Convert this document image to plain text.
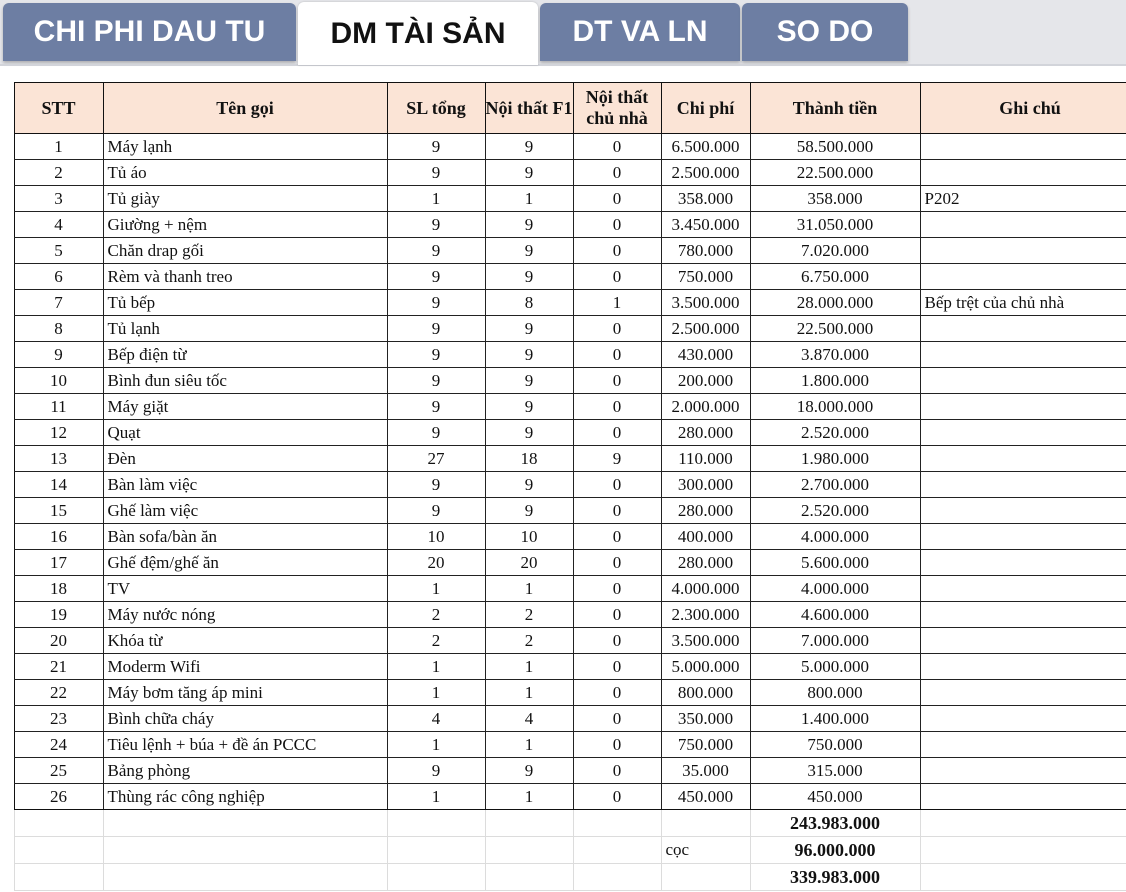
CHI PHI DAU TU	DM TÀI SẢN	DT VA LN	SO DO
	STT	Tên gọi	SL tổng	Nội thất F1	Nội thất chủ nhà	Chi phí	Thành tiền	Ghi chú
	1	Máy lạnh	9	9	0	6.500.000	58.500.000	
	2	Tủ áo	9	9	0	2.500.000	22.500.000	
	3	Tủ giày	1	1	0	358.000	358.000	P202
	4	Giường + nệm	9	9	0	3.450.000	31.050.000	
	5	Chăn drap gối	9	9	0	780.000	7.020.000	
	6	Rèm và thanh treo	9	9	0	750.000	6.750.000	
	7	Tủ bếp	9	8	1	3.500.000	28.000.000	Bếp trệt của chủ nhà
	8	Tủ lạnh	9	9	0	2.500.000	22.500.000	
	9	Bếp điện từ	9	9	0	430.000	3.870.000	
	10	Bình đun siêu tốc	9	9	0	200.000	1.800.000	
	11	Máy giặt	9	9	0	2.000.000	18.000.000	
	12	Quạt	9	9	0	280.000	2.520.000	
	13	Đèn	27	18	9	110.000	1.980.000	
	14	Bàn làm việc	9	9	0	300.000	2.700.000	
	15	Ghế làm việc	9	9	0	280.000	2.520.000	
	16	Bàn sofa/bàn ăn	10	10	0	400.000	4.000.000	
	17	Ghế đệm/ghế ăn	20	20	0	280.000	5.600.000	
	18	TV	1	1	0	4.000.000	4.000.000	
	19	Máy nước nóng	2	2	0	2.300.000	4.600.000	
	20	Khóa từ	2	2	0	3.500.000	7.000.000	
	21	Moderm Wifi	1	1	0	5.000.000	5.000.000	
	22	Máy bơm tăng áp mini	1	1	0	800.000	800.000	
	23	Bình chữa cháy	4	4	0	350.000	1.400.000	
	24	Tiêu lệnh + búa + đề án PCCC	1	1	0	750.000	750.000	
	25	Bảng phòng	9	9	0	35.000	315.000	
	26	Thùng rác công nghiệp	1	1	0	450.000	450.000	
							243.983.000	
						cọc	96.000.000	
							339.983.000	
